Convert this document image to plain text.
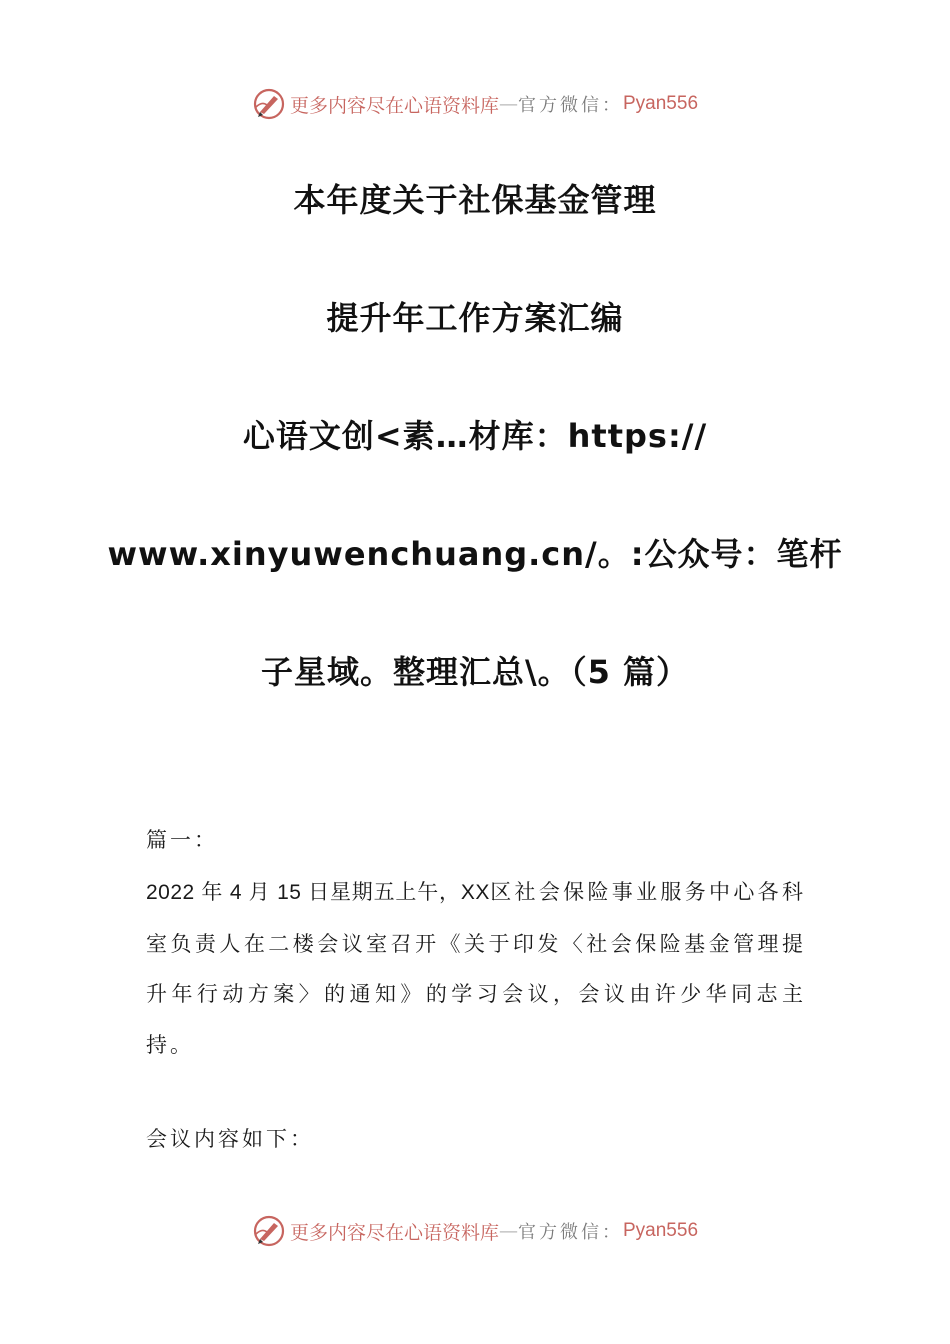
更多内容尽在心语资料库 — 官方微信： Pyan556
本年度关于社保基金管理
提升年工作方案汇编
心语文创<素…材库：https://
www.xinyuwenchuang.cn/。:公众号：笔杆
子星域。整理汇总\。（5 篇）
篇一：
2022 年 4 月 15 日星期五上午，XX区社会保险事业服务中心各科室负责人在二楼会议室召开《关于印发〈社会保险基金管理提升年行动方案〉的通知》的学习会议，会议由许少华同志主持。
会议内容如下：
更多内容尽在心语资料库 — 官方微信： Pyan556
